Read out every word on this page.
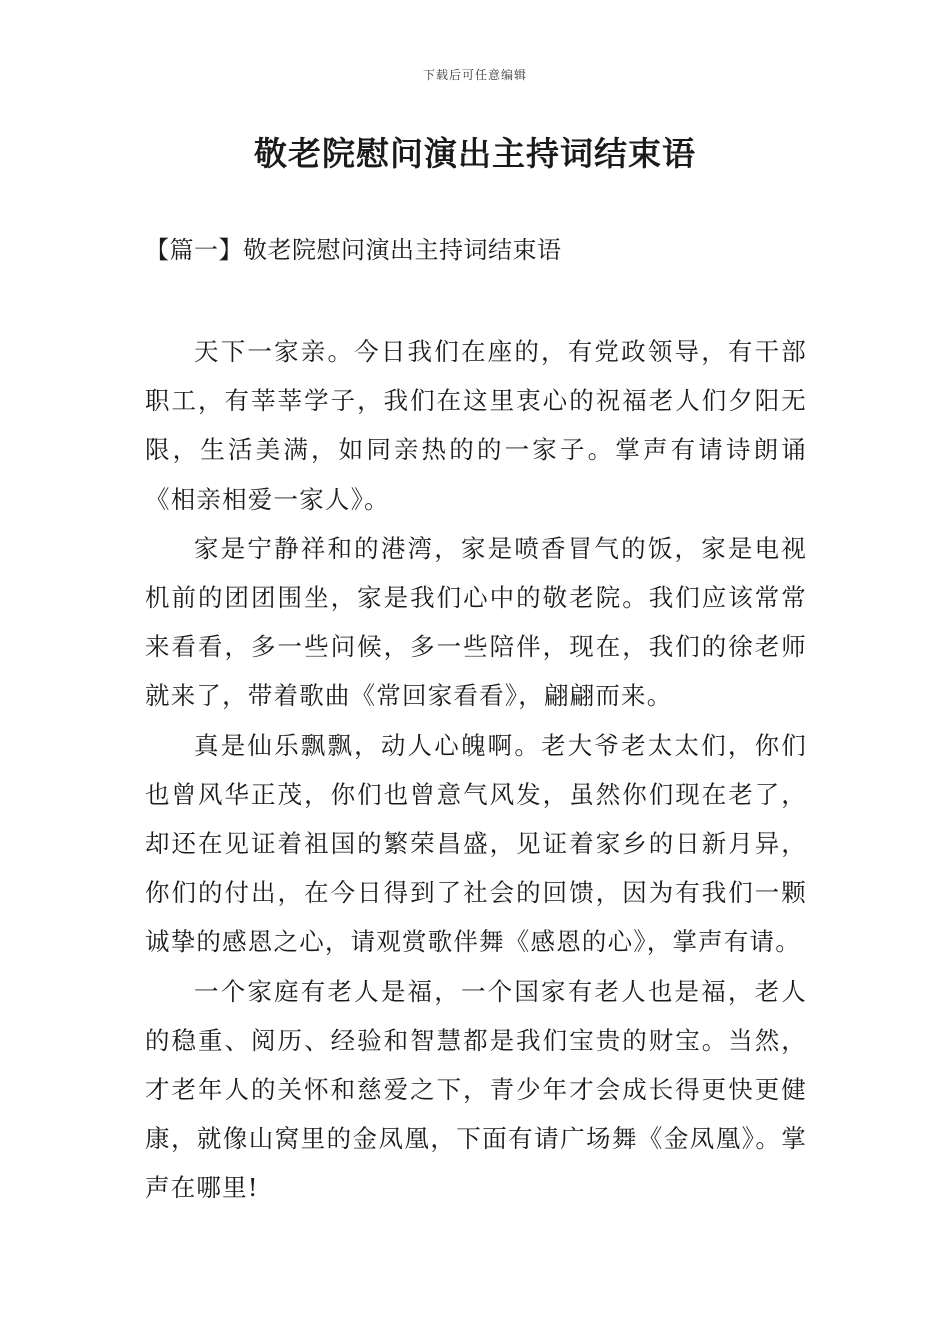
下载后可任意编辑
敬老院慰问演出主持词结束语
【篇一】敬老院慰问演出主持词结束语

天下一家亲。今日我们在座的，有党政领导，有干部职工，有莘莘学子，我们在这里衷心的祝福老人们夕阳无限，生活美满，如同亲热的的一家子。掌声有请诗朗诵《相亲相爱一家人》。

家是宁静祥和的港湾，家是喷香冒气的饭，家是电视机前的团团围坐，家是我们心中的敬老院。我们应该常常来看看，多一些问候，多一些陪伴，现在，我们的徐老师就来了，带着歌曲《常回家看看》，翩翩而来。

真是仙乐飘飘，动人心魄啊。老大爷老太太们，你们也曾风华正茂，你们也曾意气风发，虽然你们现在老了，却还在见证着祖国的繁荣昌盛，见证着家乡的日新月异，你们的付出，在今日得到了社会的回馈，因为有我们一颗诚挚的感恩之心，请观赏歌伴舞《感恩的心》，掌声有请。

一个家庭有老人是福，一个国家有老人也是福，老人的稳重、阅历、经验和智慧都是我们宝贵的财宝。当然，才老年人的关怀和慈爱之下，青少年才会成长得更快更健康，就像山窝里的金凤凰，下面有请广场舞《金凤凰》。掌声在哪里!
